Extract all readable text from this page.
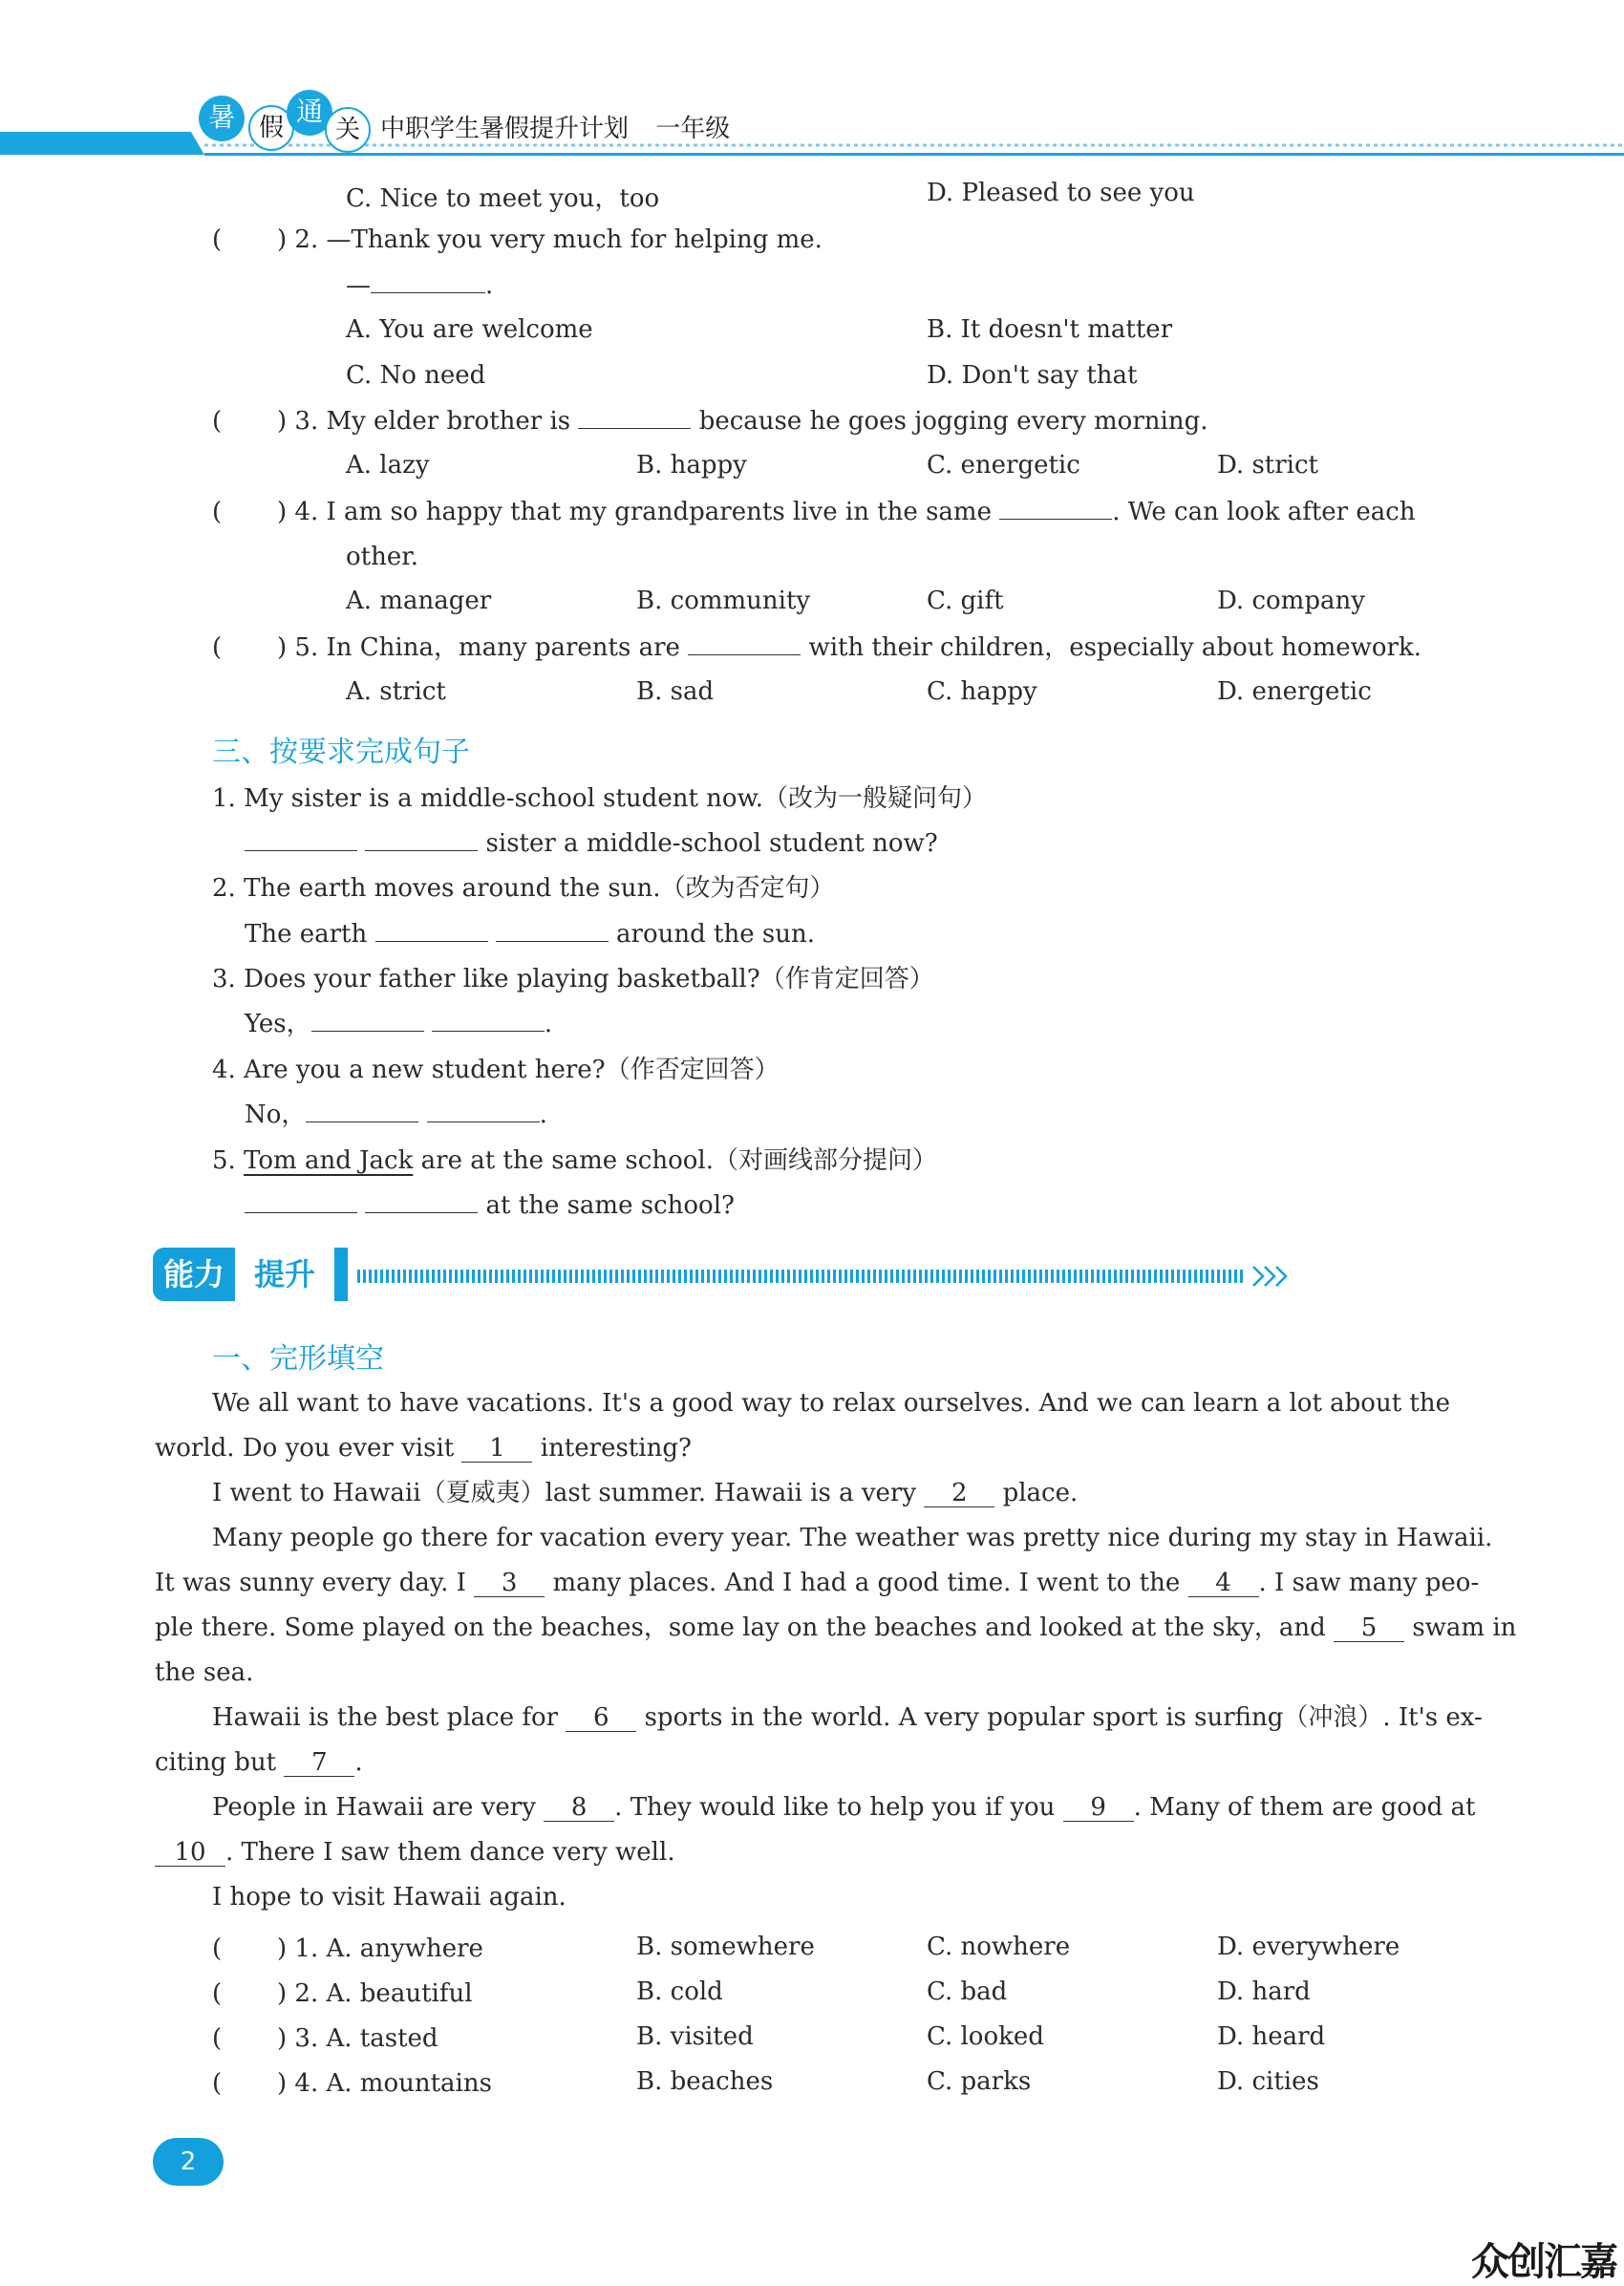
暑 假
通
关 中职学生暑假提升计划 一年级
C. Nice to meet you，too	D. Pleased to see you
(       ) 2. —Thank you very much for helping me.
—	.
A. You are welcome	B. It doesn't matter
C. No need	D. Don't say that
(       ) 3. My elder brother is	because he goes jogging every morning.
A. lazy	B. happy	C. energetic	D. strict
(       ) 4. I am so happy that my grandparents live in the same	. We can look after each
other.
A. manager	B. community	C. gift	D. company
(       ) 5. In China，many parents are	with their children，especially about homework.
A. strict	B. sad	C. happy	D. energetic
三、按要求完成句子
1. My sister is a middle-school student now.（改为一般疑问句）
sister a middle-school student now?
2. The earth moves around the sun.（改为否定句）
The earth	around the sun.
3. Does your father like playing basketball?（作肯定回答）
Yes，	.
4. Are you a new student here?（作否定回答）
No，	.
5. Tom and Jack are at the same school.（对画线部分提问）
at the same school?
能力 提升
一、完形填空
We all want to have vacations. It's a good way to relax ourselves. And we can learn a lot about the
world. Do you ever visit 1 interesting?
I went to Hawaii（夏威夷）last summer. Hawaii is a very 2 place.
Many people go there for vacation every year. The weather was pretty nice during my stay in Hawaii.
It was sunny every day. I 3 many places. And I had a good time. I went to the 4 . I saw many peo-
ple there. Some played on the beaches，some lay on the beaches and looked at the sky，and 5 swam in
the sea.
Hawaii is the best place for 6 sports in the world. A very popular sport is surfing（冲浪）. It's ex-
citing but 7 .
People in Hawaii are very 8 . They would like to help you if you 9 . Many of them are good at
10 . There I saw them dance very well.
I hope to visit Hawaii again.
(       ) 1. A. anywhere	B. somewhere	C. nowhere	D. everywhere
(       ) 2. A. beautiful	B. cold	C. bad	D. hard
(       ) 3. A. tasted	B. visited	C. looked	D. heard
(       ) 4. A. mountains	B. beaches	C. parks	D. cities
2
众创汇嘉
